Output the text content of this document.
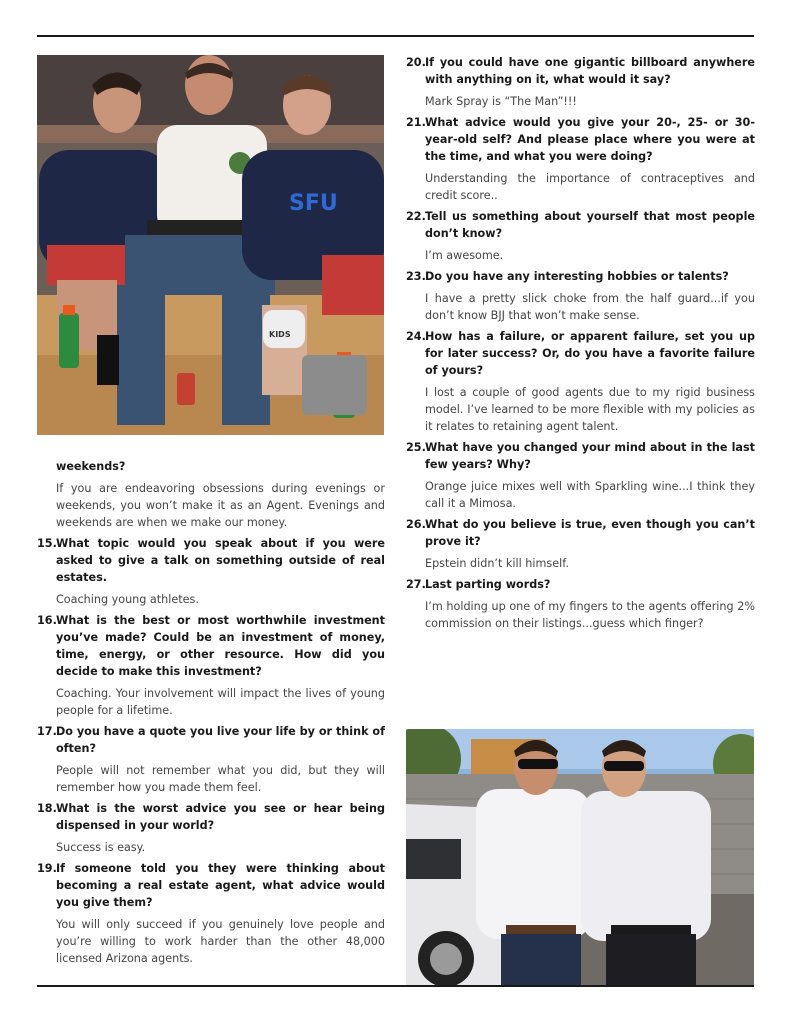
SFU
KIDS

weekends?

If you are endeavoring obsessions during evenings or weekends, you won’t make it as an Agent. Evenings and weekends are when we make our money.

15. What topic would you speak about if you were asked to give a talk on something outside of real estates.

Coaching young athletes.

16. What is the best or most worthwhile investment you’ve made? Could be an investment of money, time, energy, or other resource. How did you decide to make this investment?

Coaching. Your involvement will impact the lives of young people for a lifetime.

17. Do you have a quote you live your life by or think of often?

People will not remember what you did, but they will remember how you made them feel.

18. What is the worst advice you see or hear being dispensed in your world?

Success is easy.

19. If someone told you they were thinking about becoming a real estate agent, what advice would you give them?

You will only succeed if you genuinely love people and you’re willing to work harder than the other 48,000 licensed Arizona agents.

20. If you could have one gigantic billboard anywhere with anything on it, what would it say?

Mark Spray is “The Man”!!!

21. What advice would you give your 20-, 25- or 30-year-old self? And please place where you were at the time, and what you were doing?

Understanding the importance of contraceptives and credit score..

22. Tell us something about yourself that most people don’t know?

I’m awesome.

23. Do you have any interesting hobbies or talents?

I have a pretty slick choke from the half guard...if you don’t know BJJ that won’t make sense.

24. How has a failure, or apparent failure, set you up for later success? Or, do you have a favorite failure of yours?

I lost a couple of good agents due to my rigid business model. I’ve learned to be more flexible with my policies as it relates to retaining agent talent.

25. What have you changed your mind about in the last few years? Why?

Orange juice mixes well with Sparkling wine...I think they call it a Mimosa.

26. What do you believe is true, even though you can’t prove it?

Epstein didn’t kill himself.

27. Last parting words?

I’m holding up one of my fingers to the agents offering 2% commission on their listings...guess which finger?
